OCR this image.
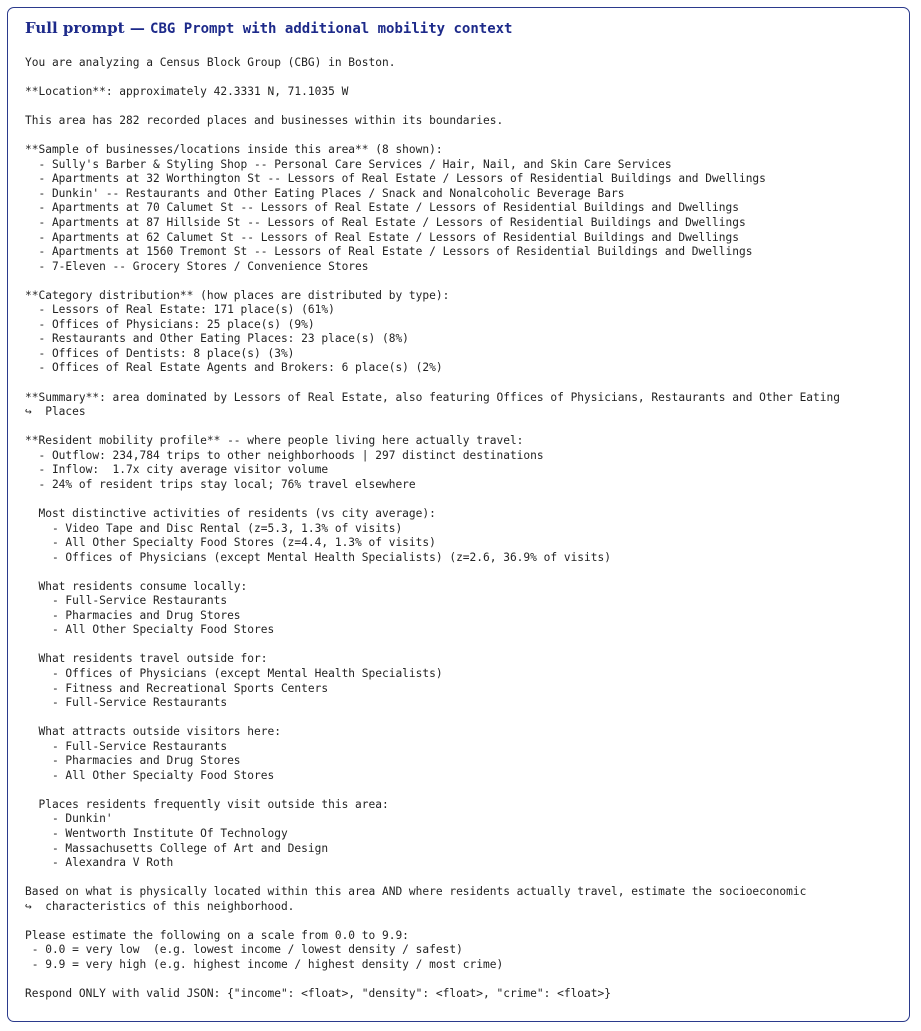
Full prompt — CBG Prompt with additional mobility context
You are analyzing a Census Block Group (CBG) in Boston.
**Location**: approximately 42.3331 N, 71.1035 W
This area has 282 recorded places and businesses within its boundaries.
**Sample of businesses/locations inside this area** (8 shown):
- Sully's Barber & Styling Shop -- Personal Care Services / Hair, Nail, and Skin Care Services
- Apartments at 32 Worthington St -- Lessors of Real Estate / Lessors of Residential Buildings and Dwellings
- Dunkin' -- Restaurants and Other Eating Places / Snack and Nonalcoholic Beverage Bars
- Apartments at 70 Calumet St -- Lessors of Real Estate / Lessors of Residential Buildings and Dwellings
- Apartments at 87 Hillside St -- Lessors of Real Estate / Lessors of Residential Buildings and Dwellings
- Apartments at 62 Calumet St -- Lessors of Real Estate / Lessors of Residential Buildings and Dwellings
- Apartments at 1560 Tremont St -- Lessors of Real Estate / Lessors of Residential Buildings and Dwellings
- 7-Eleven -- Grocery Stores / Convenience Stores
**Category distribution** (how places are distributed by type):
- Lessors of Real Estate: 171 place(s) (61%)
- Offices of Physicians: 25 place(s) (9%)
- Restaurants and Other Eating Places: 23 place(s) (8%)
- Offices of Dentists: 8 place(s) (3%)
- Offices of Real Estate Agents and Brokers: 6 place(s) (2%)
**Summary**: area dominated by Lessors of Real Estate, also featuring Offices of Physicians, Restaurants and Other Eating
↪  Places
**Resident mobility profile** -- where people living here actually travel:
- Outflow: 234,784 trips to other neighborhoods | 297 distinct destinations
- Inflow:  1.7x city average visitor volume
- 24% of resident trips stay local; 76% travel elsewhere
Most distinctive activities of residents (vs city average):
- Video Tape and Disc Rental (z=5.3, 1.3% of visits)
- All Other Specialty Food Stores (z=4.4, 1.3% of visits)
- Offices of Physicians (except Mental Health Specialists) (z=2.6, 36.9% of visits)
What residents consume locally:
- Full-Service Restaurants
- Pharmacies and Drug Stores
- All Other Specialty Food Stores
What residents travel outside for:
- Offices of Physicians (except Mental Health Specialists)
- Fitness and Recreational Sports Centers
- Full-Service Restaurants
What attracts outside visitors here:
- Full-Service Restaurants
- Pharmacies and Drug Stores
- All Other Specialty Food Stores
Places residents frequently visit outside this area:
- Dunkin'
- Wentworth Institute Of Technology
- Massachusetts College of Art and Design
- Alexandra V Roth
Based on what is physically located within this area AND where residents actually travel, estimate the socioeconomic
↪  characteristics of this neighborhood.
Please estimate the following on a scale from 0.0 to 9.9:
- 0.0 = very low  (e.g. lowest income / lowest density / safest)
- 9.9 = very high (e.g. highest income / highest density / most crime)
Respond ONLY with valid JSON: {"income": <float>, "density": <float>, "crime": <float>}
